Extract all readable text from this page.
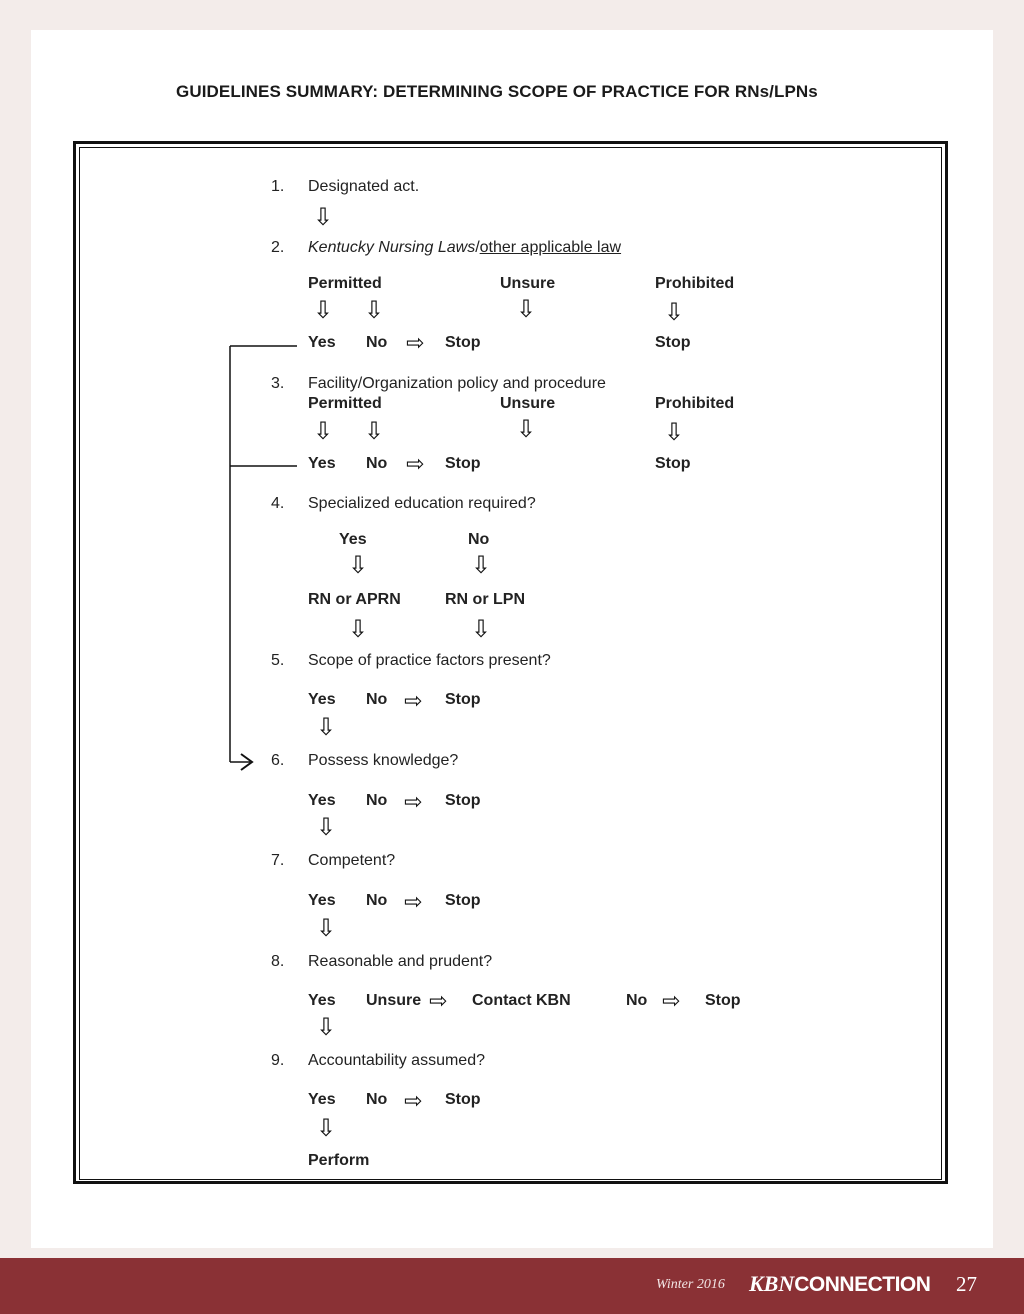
GUIDELINES SUMMARY: DETERMINING SCOPE OF PRACTICE FOR RNs/LPNs
1. Designated act.
⇩
2. Kentucky Nursing Laws/other applicable law
Permitted	Unsure	Prohibited
⇩ ⇩	⇩	⇩
Yes No ⇨ Stop	Stop
3. Facility/Organization policy and procedure
Permitted	Unsure	Prohibited
⇩ ⇩	⇩	⇩
Yes No ⇨ Stop	Stop
4. Specialized education required?
Yes	No
⇩	⇩
RN or APRN	RN or LPN
⇩	⇩
5. Scope of practice factors present?
Yes No ⇨ Stop
⇩
6. Possess knowledge?
Yes No ⇨ Stop
⇩
7. Competent?
Yes No ⇨ Stop
⇩
8. Reasonable and prudent?
Yes Unsure ⇨ Contact KBN	No ⇨ Stop
⇩
9. Accountability assumed?
Yes No ⇨ Stop
⇩
Perform
Winter 2016 KBNCONNECTION 27
